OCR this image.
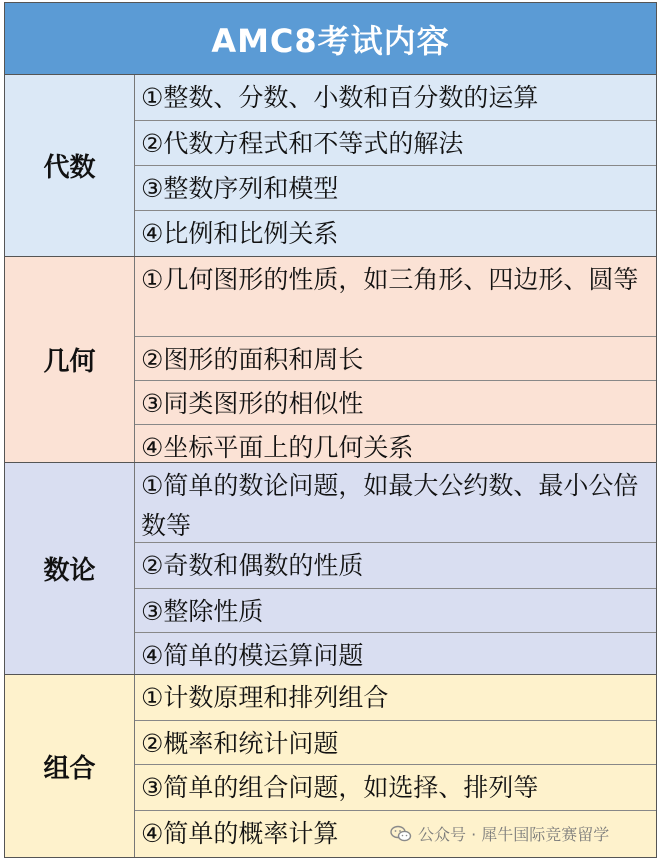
AMC8考试内容
代数
①整数、分数、小数和百分数的运算
②代数方程式和不等式的解法
③整数序列和模型
④比例和比例关系
几何
①几何图形的性质，如三角形、四边形、圆等
②图形的面积和周长
③同类图形的相似性
④坐标平面上的几何关系
数论
①简单的数论问题，如最大公约数、最小公倍数等
②奇数和偶数的性质
③整除性质
④简单的模运算问题
组合
①计数原理和排列组合
②概率和统计问题
③简单的组合问题，如选择、排列等
④简单的概率计算	公众号 · 犀牛国际竞赛留学
